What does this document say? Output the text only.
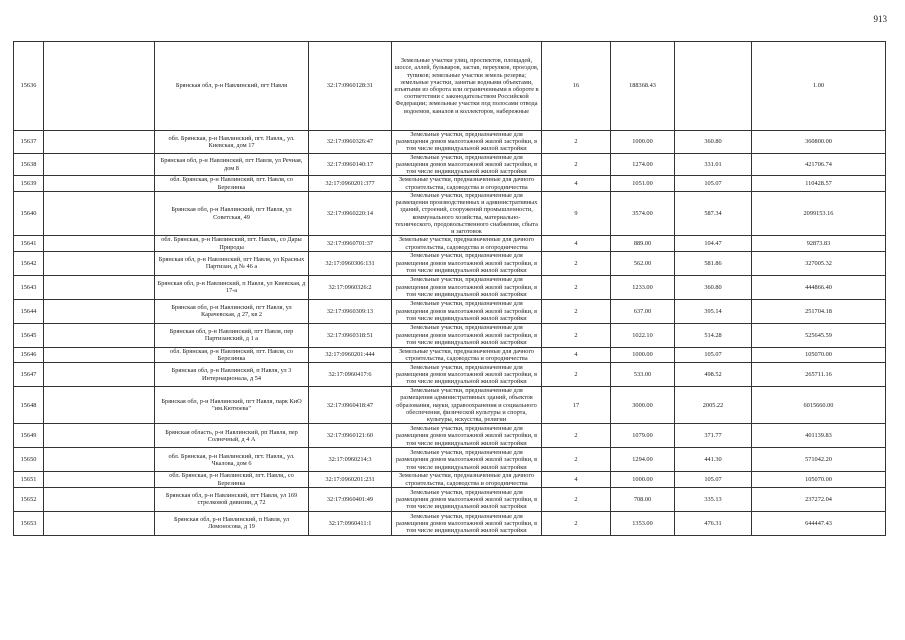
913
15636		Брянская обл, р-н Навлинский, пгт Навля	32:17:0960128:31	Земельные участки улиц, проспектов, площадей, шоссе, аллей, бульваров, застав, переулков, проездов, тупиков; земельные участки земель резерва; земельные участки, занятые водными объектами, изъятыми из оборота или ограниченными в обороте в соответствии с законодательством Российской Федерации; земельные участки под полосами отвода водоемов, каналов и коллекторов, набережные	16	188368.43		1.00
15637		обл. Брянская, р-н Навлинский, пгт. Навля,, ул. Киевская, дом 17	32:17:0960326:47	Земельные участки, предназначенные для размещения домов малоэтажной жилой застройки, в том числе индивидуальной жилой застройки	2	1000.00	360.80	360800.00
15638		Брянская обл, р-н Навлинский, пгт Навля, ул Речная, дом 8	32:17:0960140:17	Земельные участки, предназначенные для размещения домов малоэтажной жилой застройки, в том числе индивидуальной жилой застройки	2	1274.00	331.01	421706.74
15639		обл. Брянская, р-н Навлинский, пгт. Навля, со Березинка	32:17:0960201:377	Земельные участки, предназначенные для дачного строительства, садоводства и огородничества	4	1051.00	105.07	110428.57
15640		Брянская обл, р-н Навлинский, пгт Навля, ул Советская, 49	32:17:0960220:14	Земельные участки, предназначенные для размещения производственных и административных зданий, строений, сооружений промышленности, коммунального хозяйства, материально-технического, продовольственного снабжения, сбыта и заготовок	9	3574.00	587.34	2099153.16
15641		обл. Брянская, р-н Навлинский, пгт. Навля,, со Дары Природы	32:17:0960701:37	Земельные участки, предназначенные для дачного строительства, садоводства и огородничества	4	889.00	104.47	92873.83
15642		Брянская обл, р-н Навлинский, пгт Навля, ул Красных Партизан, д № 46 а	32:17:0960306:131	Земельные участки, предназначенные для размещения домов малоэтажной жилой застройки, в том числе индивидуальной жилой застройки	2	562.00	581.86	327005.32
15643		Брянская обл, р-н Навлинский, п Навля, ул Киевская, д 17-а	32:17:0960326:2	Земельные участки, предназначенные для размещения домов малоэтажной жилой застройки, в том числе индивидуальной жилой застройки	2	1233.00	360.80	444866.40
15644		Брянская обл, р-н Навлинский, пгт Навля, ул Карачевская, д 27, кв 2	32:17:0960309:13	Земельные участки, предназначенные для размещения домов малоэтажной жилой застройки, в том числе индивидуальной жилой застройки	2	637.00	395.14	251704.18
15645		Брянская обл, р-н Навлинский, пгт Навля, пер Партизанский, д 1 а	32:17:0960318:51	Земельные участки, предназначенные для размещения домов малоэтажной жилой застройки, в том числе индивидуальной жилой застройки	2	1022.10	514.28	525645.59
15646		обл. Брянская, р-н Навлинский, пгт. Навля, со Березинка	32:17:0960201:444	Земельные участки, предназначенные для дачного строительства, садоводства и огородничества	4	1000.00	105.07	105070.00
15647		Брянская обл, р-н Навлинский, п Навля, ул 3 Интернационала, д 54	32:17:0960417:6	Земельные участки, предназначенные для размещения домов малоэтажной жилой застройки, в том числе индивидуальной жилой застройки	2	533.00	498.52	265711.16
15648		Брянская обл, р-н Навлинский, пгт Навля, парк КиО "им.Кютюева"	32:17:0960418:47	Земельные участки, предназначенные для размещения административных зданий, объектов образования, науки, здравоохранения и социального обеспечения, физической культуры и спорта, культуры, искусства, религии	17	3000.00	2005.22	6015660.00
15649		Брянская область, р-н Навлинский, рп Навля, пер Солнечный, д 4 А	32:17:0960121:60	Земельные участки, предназначенные для размещения домов малоэтажной жилой застройки, в том числе индивидуальной жилой застройки	2	1079.00	371.77	401139.83
15650		обл. Брянская, р-н Навлинский, пгт. Навля,, ул. Чкалова, дом 6	32:17:0960214:3	Земельные участки, предназначенные для размещения домов малоэтажной жилой застройки, в том числе индивидуальной жилой застройки	2	1294.00	441.30	571042.20
15651		обл. Брянская, р-н Навлинский, пгт. Навля,, со Березинка	32:17:0960201:231	Земельные участки, предназначенные для дачного строительства, садоводства и огородничества	4	1000.00	105.07	105070.00
15652		Брянская обл, р-н Навлинский, пгт Навля, ул 169 стрелковой дивизии, д 72	32:17:0960401:49	Земельные участки, предназначенные для размещения домов малоэтажной жилой застройки, в том числе индивидуальной жилой застройки	2	708.00	335.13	237272.04
15653		Брянская обл, р-н Навлинский, п Навля, ул Ломоносова, д 19	32:17:0960411:1	Земельные участки, предназначенные для размещения домов малоэтажной жилой застройки, в том числе индивидуальной жилой застройки	2	1353.00	476.31	644447.43
